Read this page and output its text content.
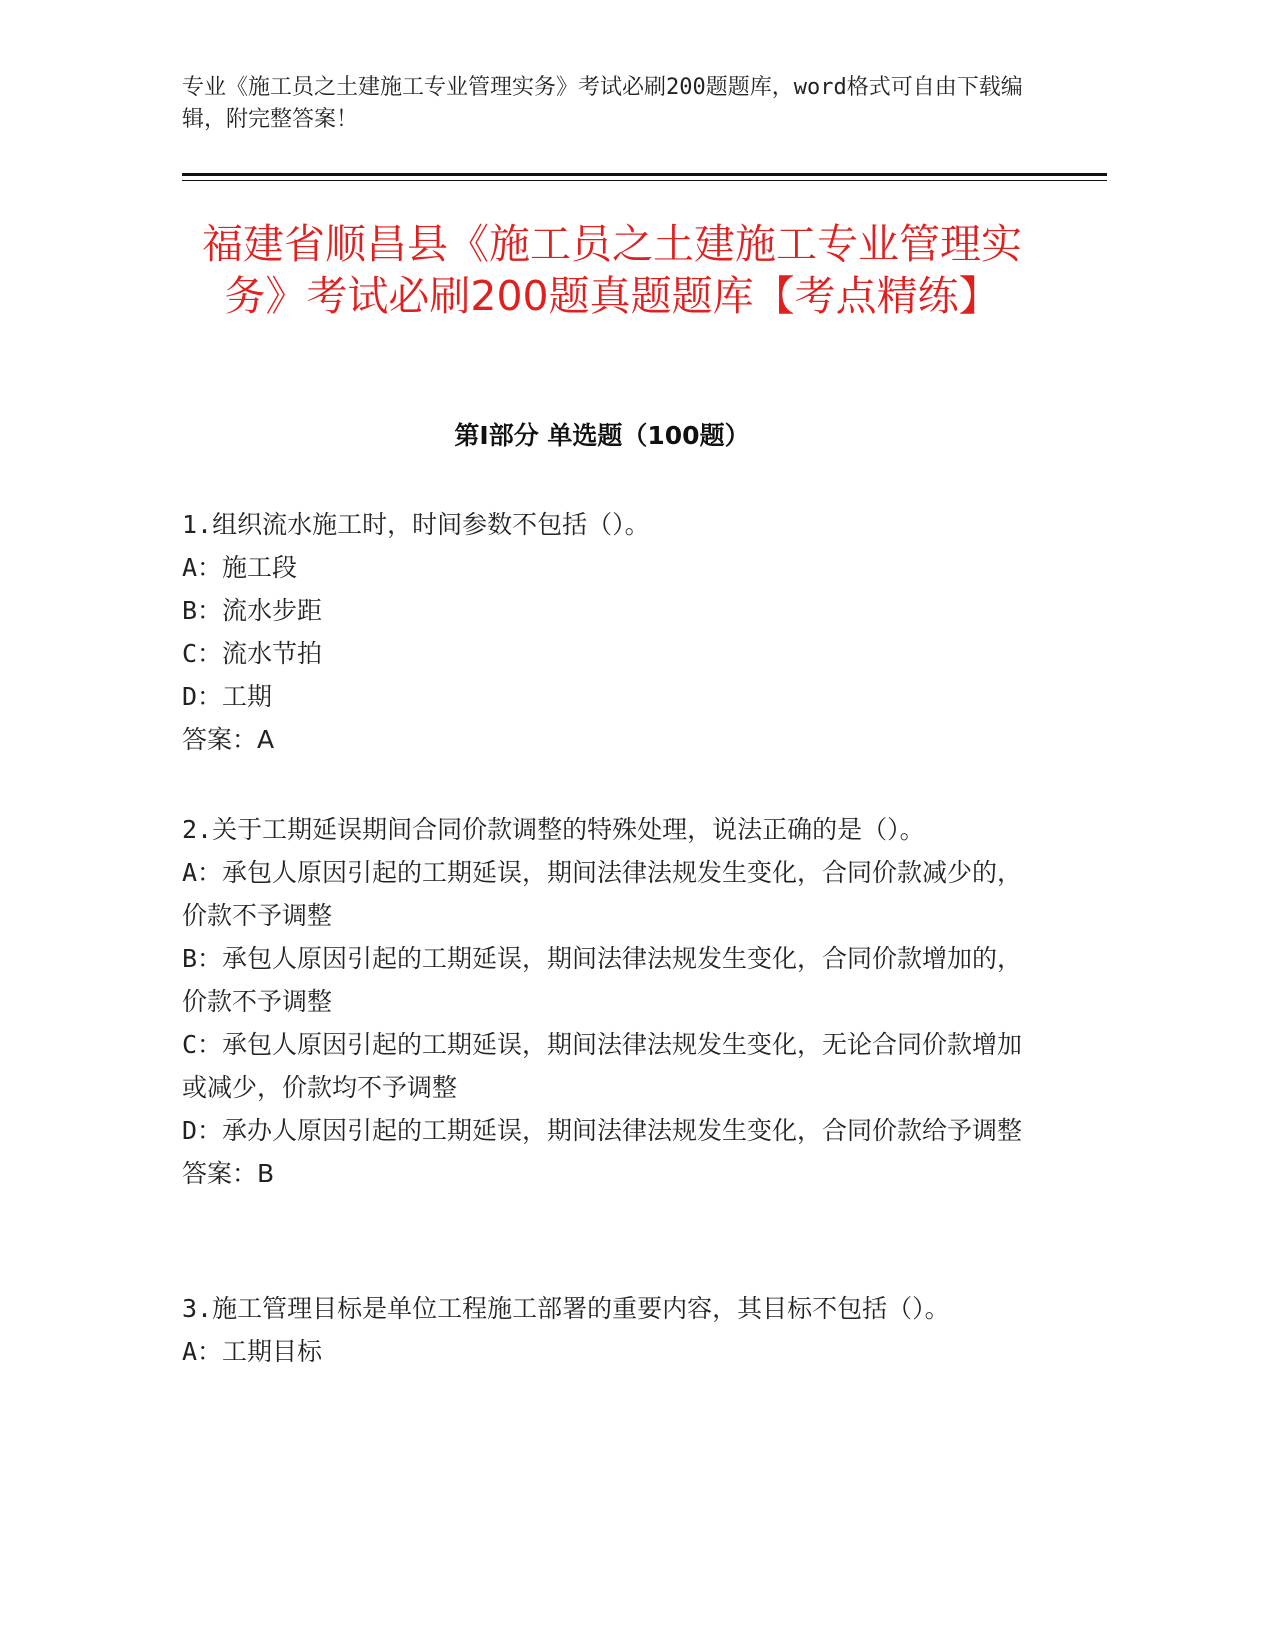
专业《施工员之土建施工专业管理实务》考试必刷200题题库，word格式可自由下载编辑，附完整答案！
福建省顺昌县《施工员之土建施工专业管理实务》考试必刷200题真题题库【考点精练】
第Ⅰ部分 单选题（100题）

1.组织流水施工时，时间参数不包括（）。

A：施工段

B：流水步距

C：流水节拍

D：工期

答案：A

2.关于工期延误期间合同价款调整的特殊处理，说法正确的是（）。

A：承包人原因引起的工期延误，期间法律法规发生变化，合同价款减少的，价款不予调整

B：承包人原因引起的工期延误，期间法律法规发生变化，合同价款增加的，价款不予调整

C：承包人原因引起的工期延误，期间法律法规发生变化，无论合同价款增加或减少，价款均不予调整

D：承办人原因引起的工期延误，期间法律法规发生变化，合同价款给予调整

答案：B

3.施工管理目标是单位工程施工部署的重要内容，其目标不包括（）。

A：工期目标
